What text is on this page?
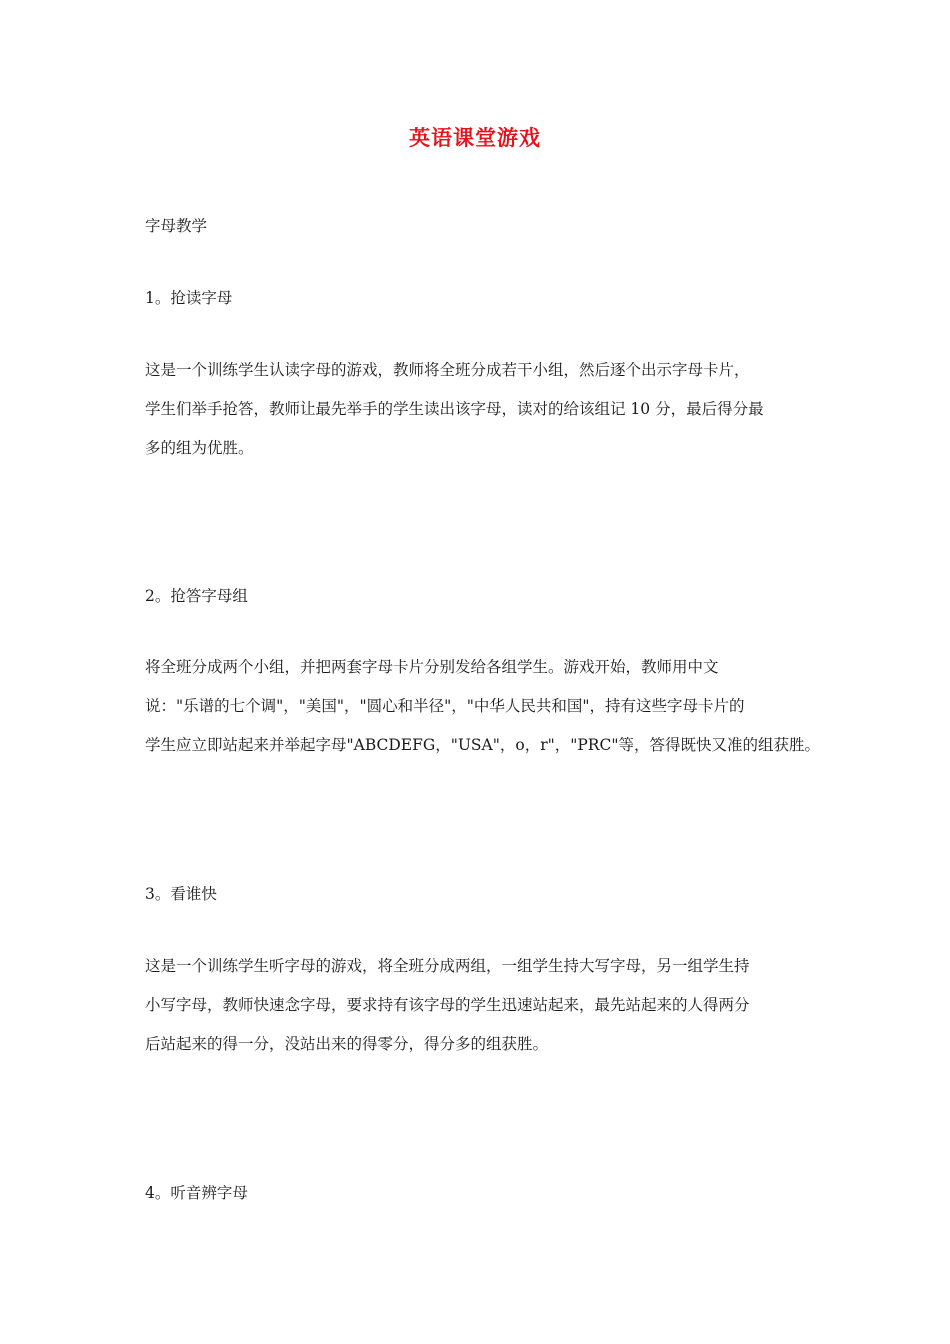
英语课堂游戏
字母教学
1。抢读字母
这是一个训练学生认读字母的游戏，教师将全班分成若干小组，然后逐个出示字母卡片，
学生们举手抢答，教师让最先举手的学生读出该字母，读对的给该组记 10 分，最后得分最
多的组为优胜。
2。抢答字母组
将全班分成两个小组，并把两套字母卡片分别发给各组学生。游戏开始，教师用中文
说："乐谱的七个调"，"美国"，"圆心和半径"，"中华人民共和国"，持有这些字母卡片的
学生应立即站起来并举起字母"ABCDEFG，"USA"，o，r"，"PRC"等，答得既快又准的组获胜。
3。看谁快
这是一个训练学生听字母的游戏，将全班分成两组，一组学生持大写字母，另一组学生持
小写字母，教师快速念字母，要求持有该字母的学生迅速站起来，最先站起来的人得两分
后站起来的得一分，没站出来的得零分，得分多的组获胜。
4。听音辨字母
